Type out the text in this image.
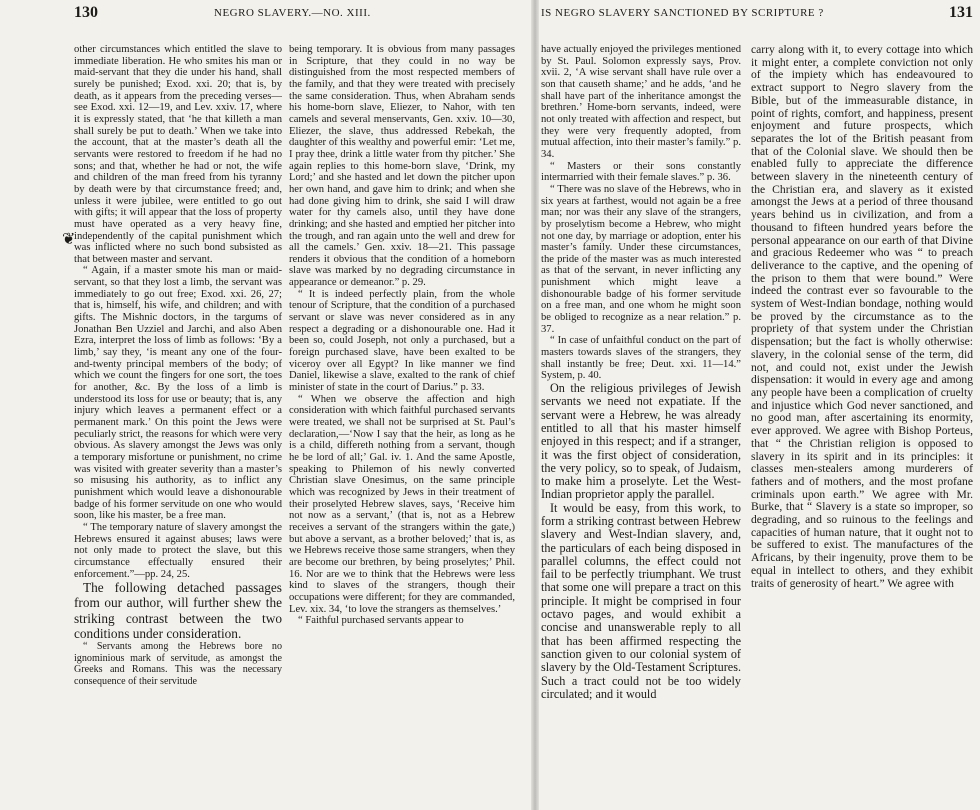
130	NEGRO SLAVERY.—NO. XIII.
❦

other circumstances which entitled the slave to immediate liberation. He who smites his man or maid-servant that they die under his hand, shall surely be punished; Exod. xxi. 20; that is, by death, as it appears from the preceding verses—see Exod. xxi. 12—19, and Lev. xxiv. 17, where it is expressly stated, that ‘he that killeth a man shall surely be put to death.’ When we take into the account, that at the master’s death all the servants were restored to freedom if he had no sons; and that, whether he had or not, the wife and children of the man freed from his tyranny by death were by that circumstance freed; and, unless it were jubilee, were entitled to go out with gifts; it will appear that the loss of property must have operated as a very heavy fine, independently of the capital punishment which was inflicted where no such bond subsisted as that between master and servant.

“ Again, if a master smote his man or maid-servant, so that they lost a limb, the servant was immediately to go out free; Exod. xxi. 26, 27; that is, himself, his wife, and children; and with gifts. The Mishnic doctors, in the targums of Jonathan Ben Uzziel and Jarchi, and also Aben Ezra, interpret the loss of limb as follows: ‘By a limb,’ say they, ‘is meant any one of the four-and-twenty principal members of the body; of which we count the fingers for one sort, the toes for another, &c. By the loss of a limb is understood its loss for use or beauty; that is, any injury which leaves a permanent effect or a permanent mark.’ On this point the Jews were peculiarly strict, the reasons for which were very obvious. As slavery amongst the Jews was only a temporary misfortune or punishment, no crime was visited with greater severity than a master’s so misusing his authority, as to inflict any punishment which would leave a dishonourable badge of his former servitude on one who would soon, like his master, be a free man.

“ The temporary nature of slavery amongst the Hebrews ensured it against abuses; laws were not only made to protect the slave, but this circumstance effectually ensured their enforcement.”—pp. 24, 25.

The following detached passages from our author, will further shew the striking contrast between the two conditions under consideration.

“ Servants among the Hebrews bore no ignominious mark of servitude, as amongst the Greeks and Romans. This was the necessary consequence of their servitude

being temporary. It is obvious from many passages in Scripture, that they could in no way be distinguished from the most respected members of the family, and that they were treated with precisely the same consideration. Thus, when Abraham sends his home-born slave, Eliezer, to Nahor, with ten camels and several menservants, Gen. xxiv. 10—30, Eliezer, the slave, thus addressed Rebekah, the daughter of this wealthy and powerful emir: ‘Let me, I pray thee, drink a little water from thy pitcher.’ She again replies to this home-born slave, ‘Drink, my Lord;’ and she hasted and let down the pitcher upon her own hand, and gave him to drink; and when she had done giving him to drink, she said I will draw water for thy camels also, until they have done drinking; and she hasted and emptied her pitcher into the trough, and ran again unto the well and drew for all the camels.’ Gen. xxiv. 18—21. This passage renders it obvious that the condition of a homeborn slave was marked by no degrading circumstance in appearance or demeanor.” p. 29.

“ It is indeed perfectly plain, from the whole tenour of Scripture, that the condition of a purchased servant or slave was never considered as in any respect a degrading or a dishonourable one. Had it been so, could Joseph, not only a purchased, but a foreign purchased slave, have been exalted to be viceroy over all Egypt? In like manner we find Daniel, likewise a slave, exalted to the rank of chief minister of state in the court of Darius.” p. 33.

“ When we observe the affection and high consideration with which faithful purchased servants were treated, we shall not be surprised at St. Paul’s declaration,—‘Now I say that the heir, as long as he is a child, differeth nothing from a servant, though he be lord of all;’ Gal. iv. 1. And the same Apostle, speaking to Philemon of his newly converted Christian slave Onesimus, on the same principle which was recognized by Jews in their treatment of their proselyted Hebrew slaves, says, ‘Receive him not now as a servant,’ (that is, not as a Hebrew receives a servant of the strangers within the gate,) but above a servant, as a brother beloved;’ that is, as we Hebrews receive those same strangers, when they are become our brethren, by being proselytes;’ Phil. 16. Nor are we to think that the Hebrews were less kind to slaves of the strangers, though their occupations were different; for they are commanded, Lev. xix. 34, ‘to love the strangers as themselves.’

“ Faithful purchased servants appear to

IS NEGRO SLAVERY SANCTIONED BY SCRIPTURE ?	131

have actually enjoyed the privileges mentioned by St. Paul. Solomon expressly says, Prov. xvii. 2, ‘A wise servant shall have rule over a son that causeth shame;’ and he adds, ‘and he shall have part of the inheritance amongst the brethren.’ Home-born servants, indeed, were not only treated with affection and respect, but they were very frequently adopted, from mutual affection, into their master’s family.” p. 34.

“ Masters or their sons constantly intermarried with their female slaves.” p. 36.

“ There was no slave of the Hebrews, who in six years at farthest, would not again be a free man; nor was their any slave of the strangers, by proselytism become a Hebrew, who might not one day, by marriage or adoption, enter his master’s family. Under these circumstances, the pride of the master was as much interested as that of the servant, in never inflicting any punishment which might leave a dishonourable badge of his former servitude on a free man, and one whom he might soon be obliged to recognize as a near relation.” p. 37.

“ In case of unfaithful conduct on the part of masters towards slaves of the strangers, they shall instantly be free; Deut. xxi. 11—14.” System, p. 40.

On the religious privileges of Jewish servants we need not expatiate. If the servant were a Hebrew, he was already entitled to all that his master himself enjoyed in this respect; and if a stranger, it was the first object of consideration, the very policy, so to speak, of Judaism, to make him a proselyte. Let the West-Indian proprietor apply the parallel.

It would be easy, from this work, to form a striking contrast between Hebrew slavery and West-Indian slavery, and, the particulars of each being disposed in parallel columns, the effect could not fail to be perfectly triumphant. We trust that some one will prepare a tract on this principle. It might be comprised in four octavo pages, and would exhibit a concise and unanswerable reply to all that has been affirmed respecting the sanction given to our colonial system of slavery by the Old-Testament Scriptures. Such a tract could not be too widely circulated; and it would

carry along with it, to every cottage into which it might enter, a complete conviction not only of the impiety which has endeavoured to extract support to Negro slavery from the Bible, but of the immeasurable distance, in point of rights, comfort, and happiness, present enjoyment and future prospects, which separates the lot of the British peasant from that of the Colonial slave. We should then be enabled fully to appreciate the difference between slavery in the nineteenth century of the Christian era, and slavery as it existed amongst the Jews at a period of three thousand years behind us in civilization, and from a thousand to fifteen hundred years before the personal appearance on our earth of that Divine and gracious Redeemer who was “ to preach deliverance to the captive, and the opening of the prison to them that were bound.” Were indeed the contrast ever so favourable to the system of West-Indian bondage, nothing would be proved by the circumstance as to the propriety of that system under the Christian dispensation; but the fact is wholly otherwise: slavery, in the colonial sense of the term, did not, and could not, exist under the Jewish dispensation: it would in every age and among any people have been a complication of cruelty and injustice which God never sanctioned, and no good man, after ascertaining its enormity, ever approved. We agree with Bishop Porteus, that “ the Christian religion is opposed to slavery in its spirit and in its principles: it classes men-stealers among murderers of fathers and of mothers, and the most profane criminals upon earth.” We agree with Mr. Burke, that “ Slavery is a state so improper, so degrading, and so ruinous to the feelings and capacities of human nature, that it ought not to be suffered to exist. The manufactures of the Africans, by their ingenuity, prove them to be equal in intellect to others, and they exhibit traits of generosity of heart.” We agree with
